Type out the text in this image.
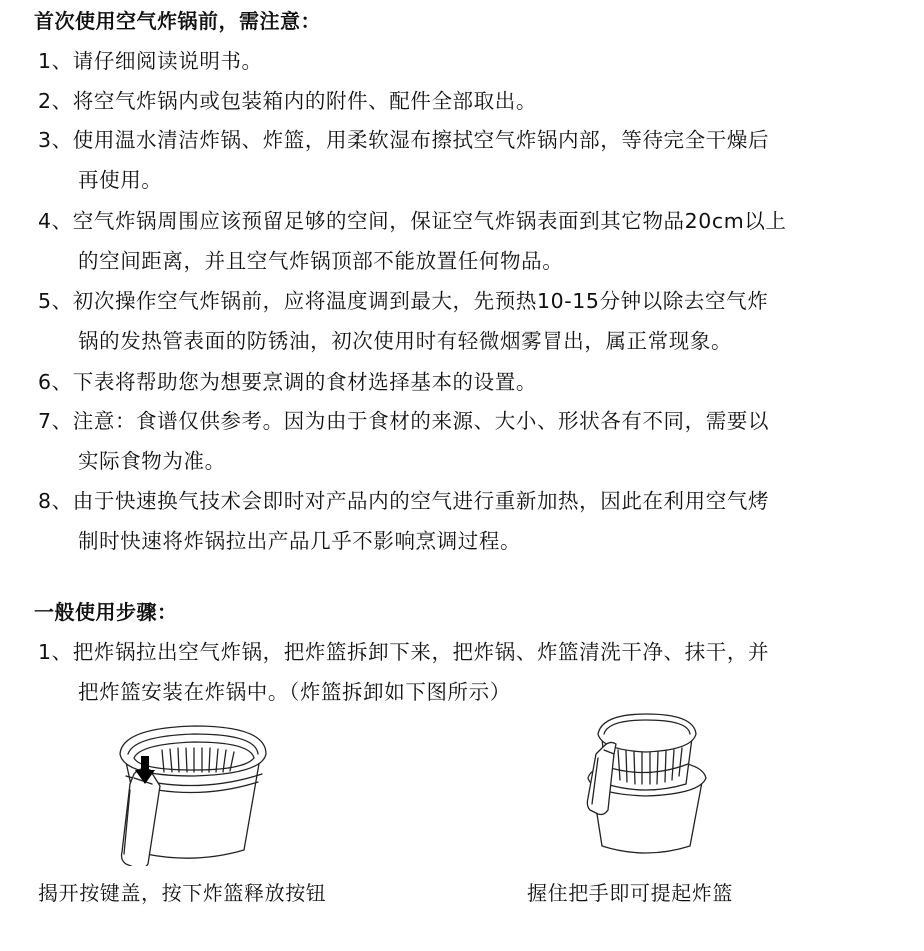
首次使用空气炸锅前，需注意：
1、请仔细阅读说明书。
2、将空气炸锅内或包装箱内的附件、配件全部取出。
3、使用温水清洁炸锅、炸篮，用柔软湿布擦拭空气炸锅内部，等待完全干燥后
再使用。
4、空气炸锅周围应该预留足够的空间，保证空气炸锅表面到其它物品20cm以上
的空间距离，并且空气炸锅顶部不能放置任何物品。
5、初次操作空气炸锅前，应将温度调到最大，先预热10-15分钟以除去空气炸
锅的发热管表面的防锈油，初次使用时有轻微烟雾冒出，属正常现象。
6、下表将帮助您为想要烹调的食材选择基本的设置。
7、注意：食谱仅供参考。因为由于食材的来源、大小、形状各有不同，需要以
实际食物为准。
8、由于快速换气技术会即时对产品内的空气进行重新加热，因此在利用空气烤
制时快速将炸锅拉出产品几乎不影响烹调过程。
一般使用步骤：
1、把炸锅拉出空气炸锅，把炸篮拆卸下来，把炸锅、炸篮清洗干净、抹干，并
把炸篮安装在炸锅中。（炸篮拆卸如下图所示）
揭开按键盖，按下炸篮释放按钮	握住把手即可提起炸篮
